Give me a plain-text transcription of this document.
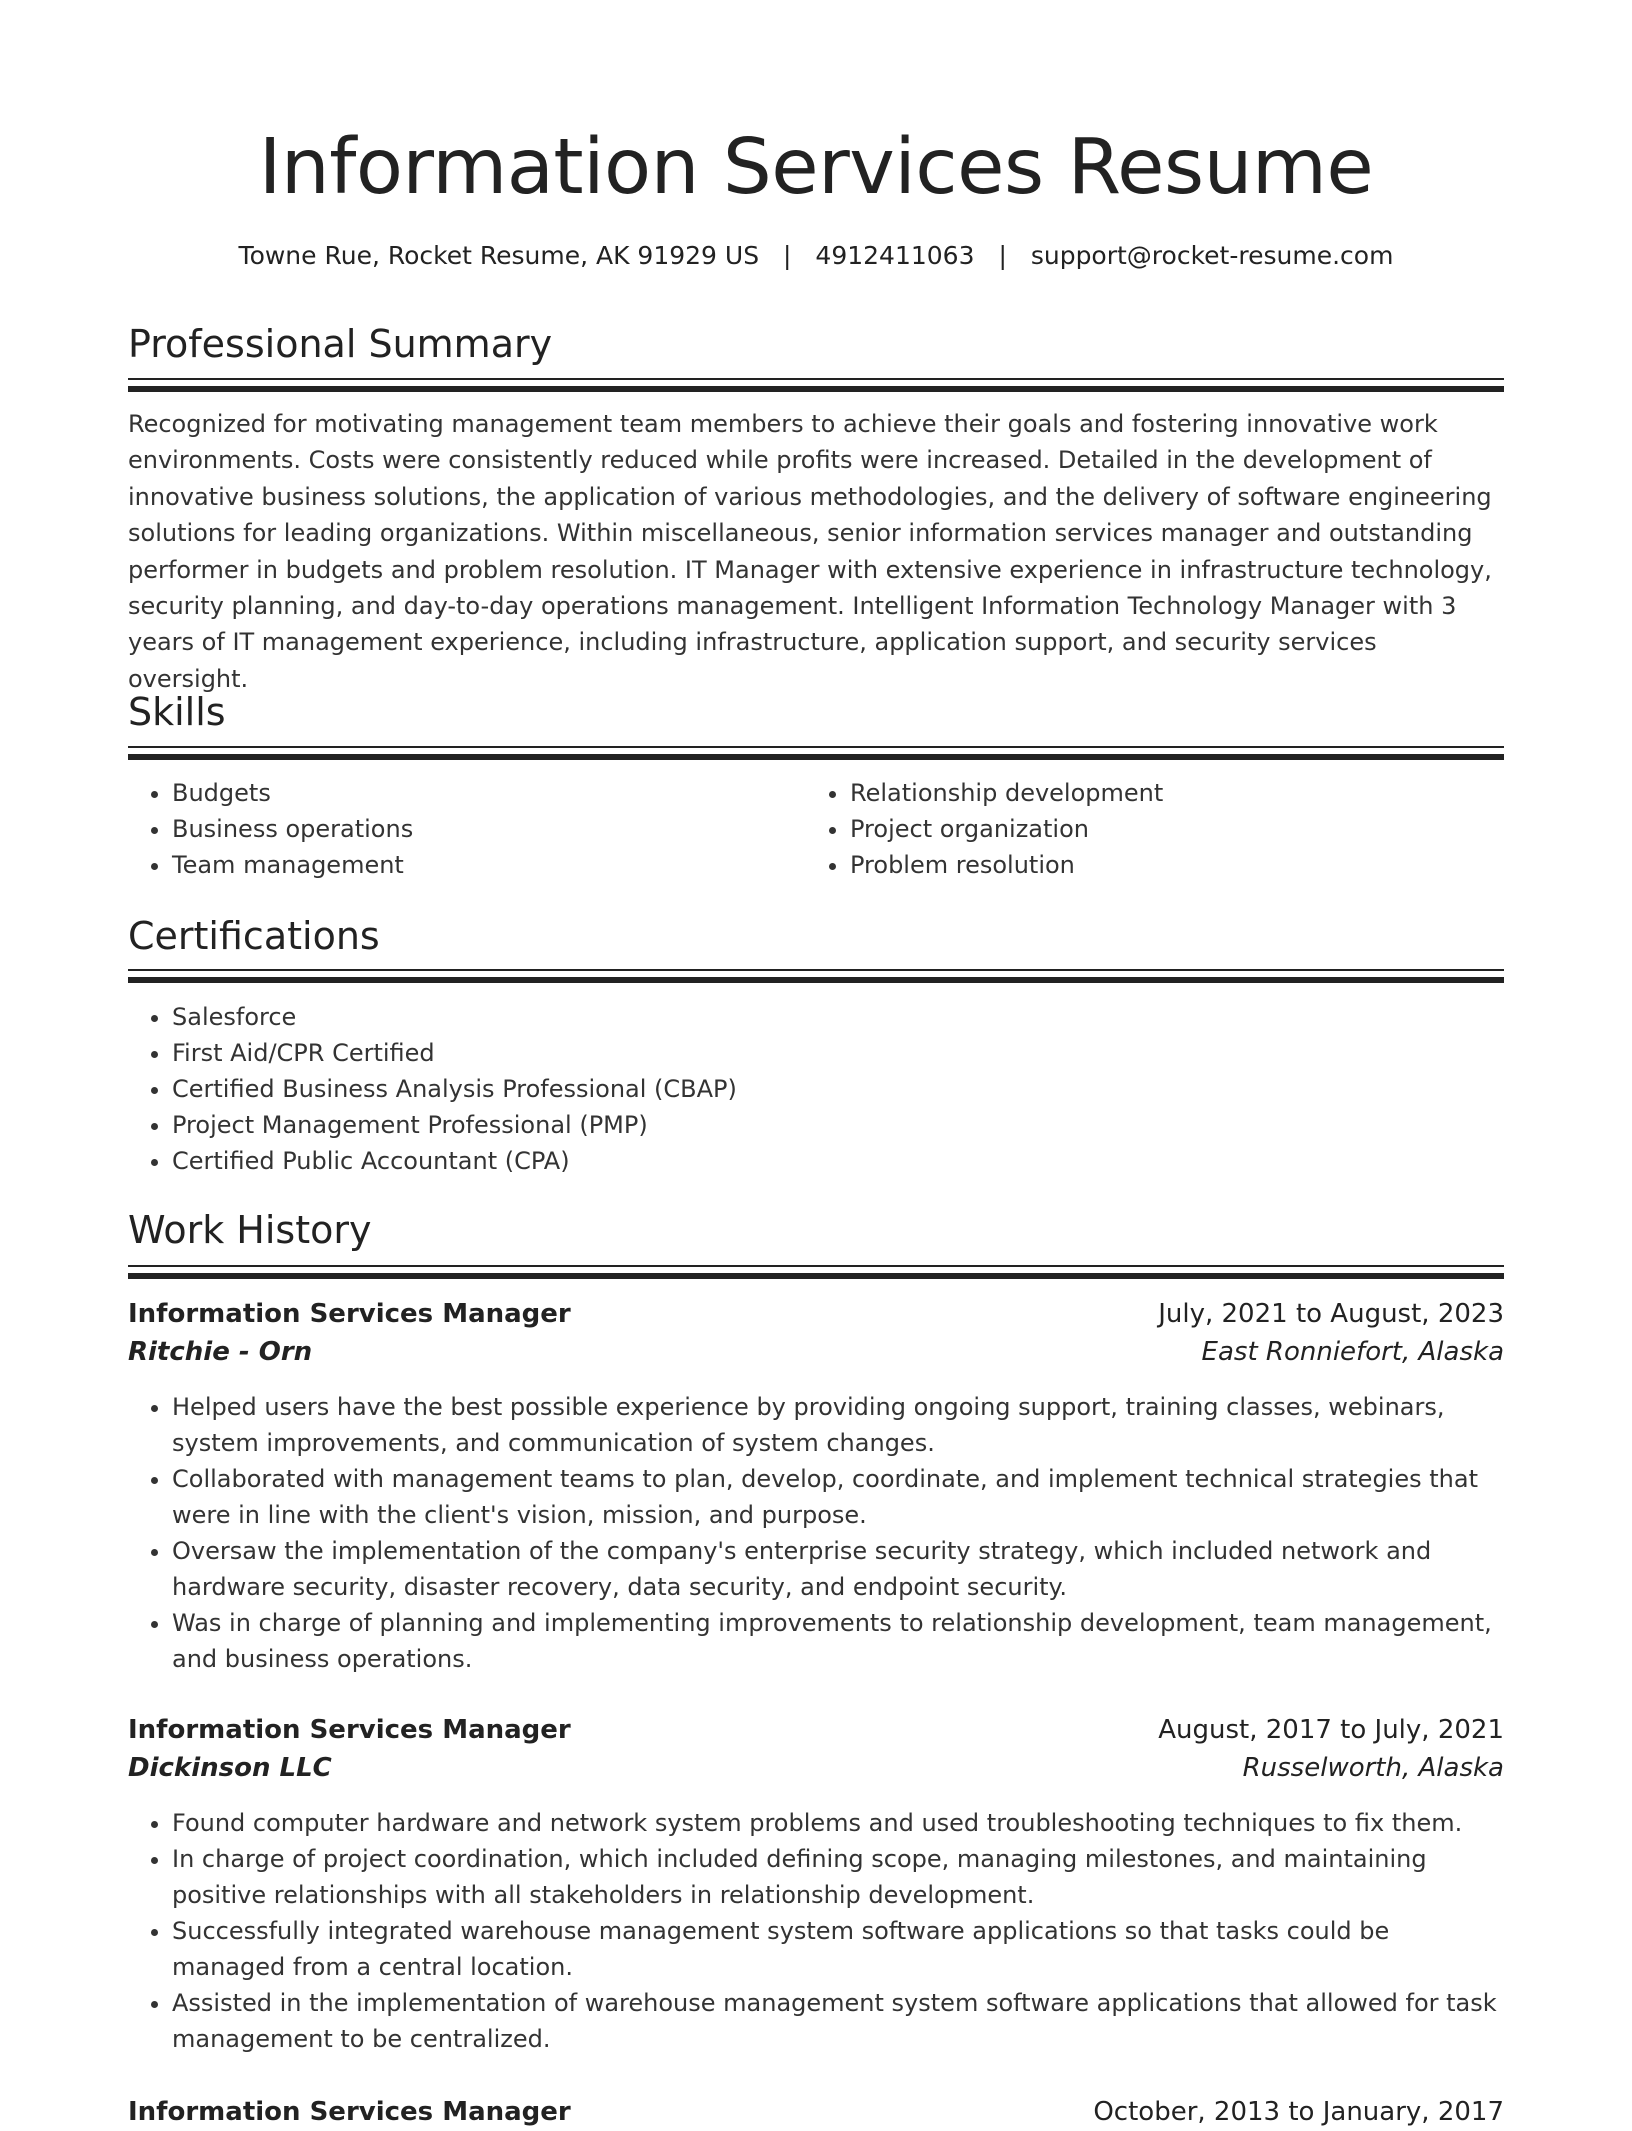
Information Services Resume
Towne Rue, Rocket Resume, AK 91929 US | 4912411063 | support@rocket-resume.com
Professional Summary

Recognized for motivating management team members to achieve their goals and fostering innovative work environments. Costs were consistently reduced while profits were increased. Detailed in the development of innovative business solutions, the application of various methodologies, and the delivery of software engineering solutions for leading organizations. Within miscellaneous, senior information services manager and outstanding performer in budgets and problem resolution. IT Manager with extensive experience in infrastructure technology, security planning, and day-to-day operations management. Intelligent Information Technology Manager with 3 years of IT management experience, including infrastructure, application support, and security services oversight.

Skills
• Budgets
• Business operations
• Team management
• Relationship development
• Project organization
• Problem resolution
Certifications
• Salesforce
• First Aid/CPR Certified
• Certified Business Analysis Professional (CBAP)
• Project Management Professional (PMP)
• Certified Public Accountant (CPA)
Work History
Information Services Manager	July, 2021 to August, 2023
Ritchie - Orn	East Ronniefort, Alaska
• Helped users have the best possible experience by providing ongoing support, training classes, webinars, system improvements, and communication of system changes.
• Collaborated with management teams to plan, develop, coordinate, and implement technical strategies that were in line with the client's vision, mission, and purpose.
• Oversaw the implementation of the company's enterprise security strategy, which included network and hardware security, disaster recovery, data security, and endpoint security.
• Was in charge of planning and implementing improvements to relationship development, team management, and business operations.
Information Services Manager	August, 2017 to July, 2021
Dickinson LLC	Russelworth, Alaska
• Found computer hardware and network system problems and used troubleshooting techniques to fix them.
• In charge of project coordination, which included defining scope, managing milestones, and maintaining positive relationships with all stakeholders in relationship development.
• Successfully integrated warehouse management system software applications so that tasks could be managed from a central location.
• Assisted in the implementation of warehouse management system software applications that allowed for task management to be centralized.
Information Services Manager	October, 2013 to January, 2017
